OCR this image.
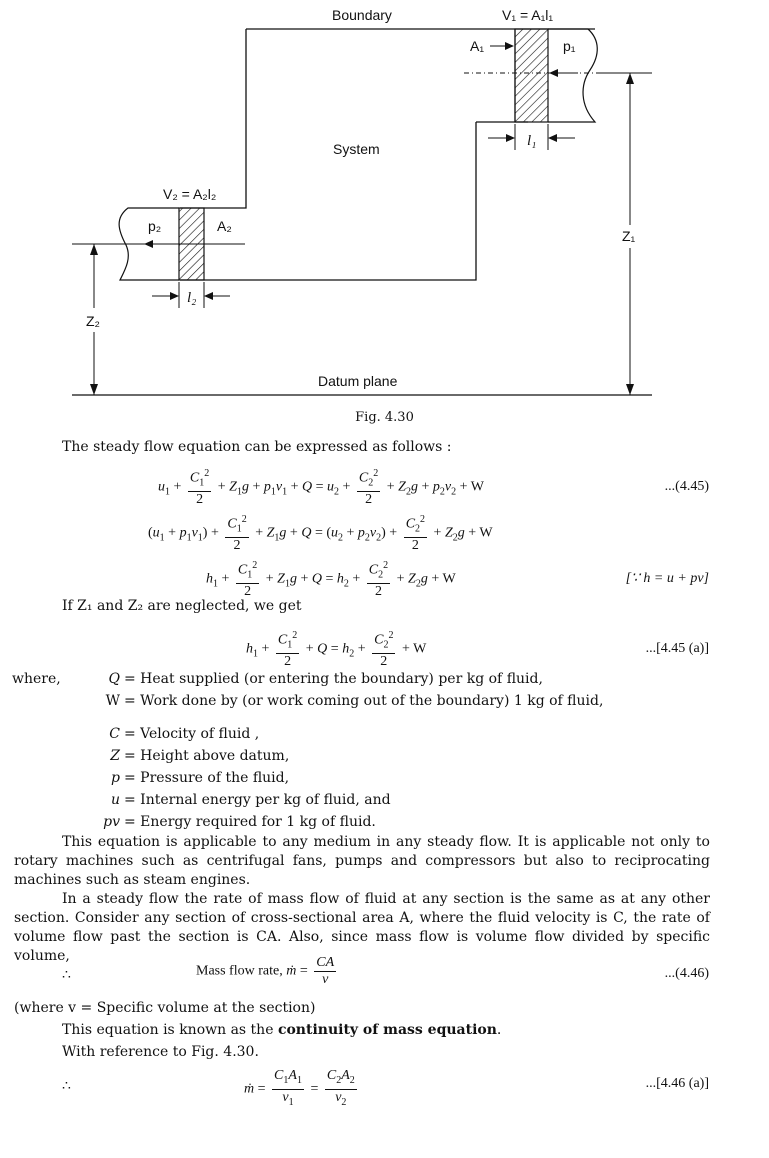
Boundary	V₁ = A₁l₁
A₁	p₁
System	l₁
Z₁
V₂ = A₂l₂
p₂	A₂
l₂
Z₂
Datum plane
Fig. 4.30
The steady flow equation can be expressed as follows :
$u_1 + \frac{C_1^2}{2} + Z_1g + p_1v_1 + Q = u_2 + \frac{C_2^2}{2} + Z_2g + p_2v_2 + W$	...(4.45)
$(u_1 + p_1v_1) + \frac{C_1^2}{2} + Z_1g + Q = (u_2 + p_2v_2) + \frac{C_2^2}{2} + Z_2g + W$
$h_1 + \frac{C_1^2}{2} + Z_1g + Q = h_2 + \frac{C_2^2}{2} + Z_2g + W$	[∵ h = u + pv]
If Z₁ and Z₂ are neglected, we get
$h_1 + \frac{C_1^2}{2} + Q = h_2 + \frac{C_2^2}{2} + W$	...[4.45 (a)]
where,	Q = Heat supplied (or entering the boundary) per kg of fluid,
W = Work done by (or work coming out of the boundary) 1 kg of fluid,
C = Velocity of fluid ,
Z = Height above datum,
p = Pressure of the fluid,
u = Internal energy per kg of fluid, and
pv = Energy required for 1 kg of fluid.
This equation is applicable to any medium in any steady flow. It is applicable not only to rotary machines such as centrifugal fans, pumps and compressors but also to reciprocating machines such as steam engines.
In a steady flow the rate of mass flow of fluid at any section is the same as at any other section. Consider any section of cross-sectional area A, where the fluid velocity is C, the rate of volume flow past the section is CA. Also, since mass flow is volume flow divided by specific volume,
∴	Mass flow rate, ṁ = $\frac{CA}{v}$	...(4.46)
(where v = Specific volume at the section)
This equation is known as the continuity of mass equation.
With reference to Fig. 4.30.
∴	ṁ = $\frac{C_1A_1}{v_1} = \frac{C_2A_2}{v_2}$	...[4.46 (a)]
